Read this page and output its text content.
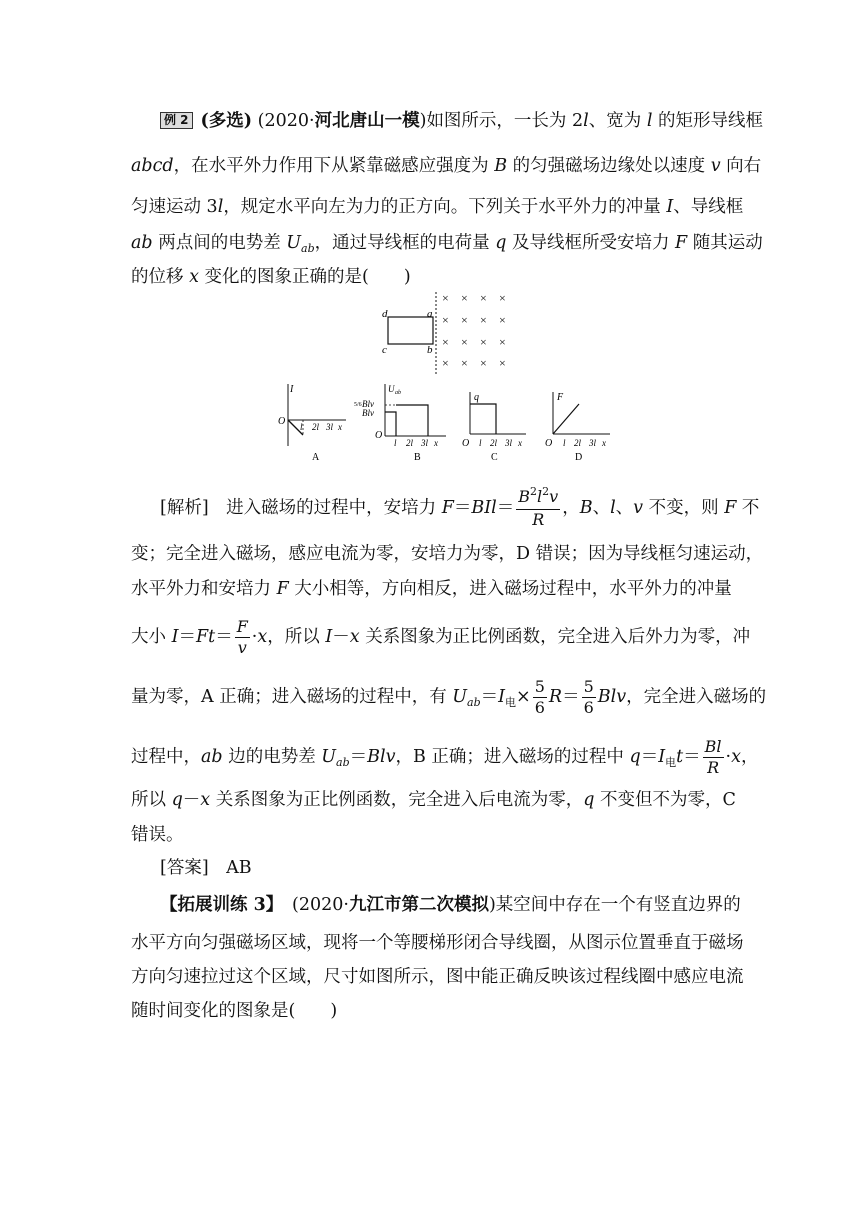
例 2 (多选) (2020·河北唐山一模)如图所示，一长为 2l、宽为 l 的矩形导线框
abcd，在水平外力作用下从紧靠磁感应强度为 B 的匀强磁场边缘处以速度 v 向右
匀速运动 3l，规定水平向左为力的正方向。下列关于水平外力的冲量 I、导线框
ab 两点间的电势差 $U_{ab}$，通过导线框的电荷量 q 及导线框所受安培力 F 随其运动
的位移 x 变化的图象正确的是(　　)
d	a
c	b
× × × ×
× × × ×
× × × ×
× × × ×
I
O l 2l 3l x
A
U ab
5/6 Blv
Blv
O
l 2l 3l x
B
q
O l 2l 3l x
C
F
O l 2l 3l x
D
[解析]　进入磁场的过程中，安培力 $F=BIl= \frac{B^2l^2v}{R}$ ，B、l、v 不变，则 F 不
变；完全进入磁场，感应电流为零，安培力为零，D 错误；因为导线框匀速运动，
水平外力和安培力 F 大小相等，方向相反，进入磁场过程中，水平外力的冲量
大小 $I=Ft= \frac{F}{v} \cdot x$，所以 I－x 关系图象为正比例函数，完全进入后外力为零，冲
量为零，A 正确；进入磁场的过程中，有 $U_{ab}=I_电\times \frac{5}{6} R= \frac{5}{6}$ Blv，完全进入磁场的
过程中，ab 边的电势差 $U_{ab}=Blv$，B 正确；进入磁场的过程中 $q=I_电t= \frac{Bl}{R} \cdot x$，
所以 q－x 关系图象为正比例函数，完全进入后电流为零，q 不变但不为零，C
错误。
[答案]　 AB
【拓展训练 3】　 (2020·九江市第二次模拟)某空间中存在一个有竖直边界的
水平方向匀强磁场区域，现将一个等腰梯形闭合导线圈，从图示位置垂直于磁场
方向匀速拉过这个区域，尺寸如图所示，图中能正确反映该过程线圈中感应电流
随时间变化的图象是(　　)
